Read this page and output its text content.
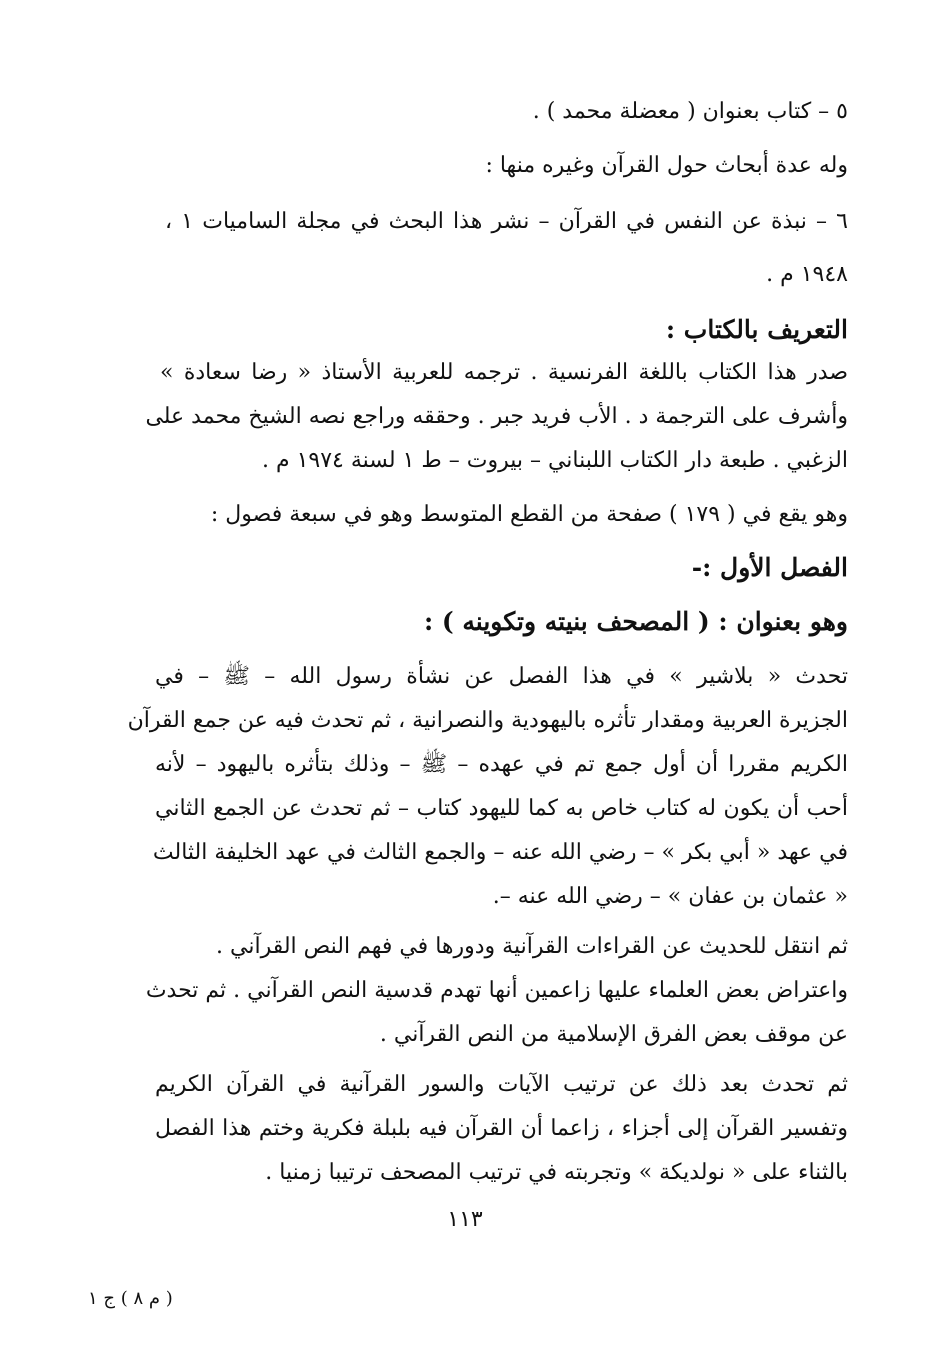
٥ – كتاب بعنوان ( معضلة محمد ) .
وله عدة أبحاث حول القرآن وغيره منها :
٦ – نبذة عن النفس في القرآن – نشر هذا البحث في مجلة الساميات ١ ،
١٩٤٨ م .
التعريف بالكتاب :
صدر هذا الكتاب باللغة الفرنسية . ترجمه للعربية الأستاذ « رضا سعادة »
وأشرف على الترجمة د . الأب فريد جبر . وحققه وراجع نصه الشيخ محمد على
الزغبي . طبعة دار الكتاب اللبناني – بيروت – ط ١ لسنة ١٩٧٤ م .
وهو يقع في ( ١٧٩ ) صفحة من القطع المتوسط وهو في سبعة فصول :
الفصل الأول :-
وهو بعنوان : ( المصحف بنيته وتكوينه ) :
تحدث « بلاشير » في هذا الفصل عن نشأة رسول الله – ﷺ – في
الجزيرة العربية ومقدار تأثره باليهودية والنصرانية ، ثم تحدث فيه عن جمع القرآن
الكريم مقررا أن أول جمع تم في عهده – ﷺ – وذلك بتأثره باليهود – لأنه
أحب أن يكون له كتاب خاص به كما لليهود كتاب – ثم تحدث عن الجمع الثاني
في عهد « أبي بكر » – رضي الله عنه – والجمع الثالث في عهد الخليفة الثالث
« عثمان بن عفان » – رضي الله عنه –.
ثم انتقل للحديث عن القراءات القرآنية ودورها في فهم النص القرآني .
واعتراض بعض العلماء عليها زاعمين أنها تهدم قدسية النص القرآني . ثم تحدث
عن موقف بعض الفرق الإسلامية من النص القرآني .
ثم تحدث بعد ذلك عن ترتيب الآيات والسور القرآنية في القرآن الكريم
وتفسير القرآن إلى أجزاء ، زاعما أن القرآن فيه بلبلة فكرية وختم هذا الفصل
بالثناء على « نولديكة » وتجربته في ترتيب المصحف ترتيبا زمنيا .
١١٣
( م ٨ ) ج ١
